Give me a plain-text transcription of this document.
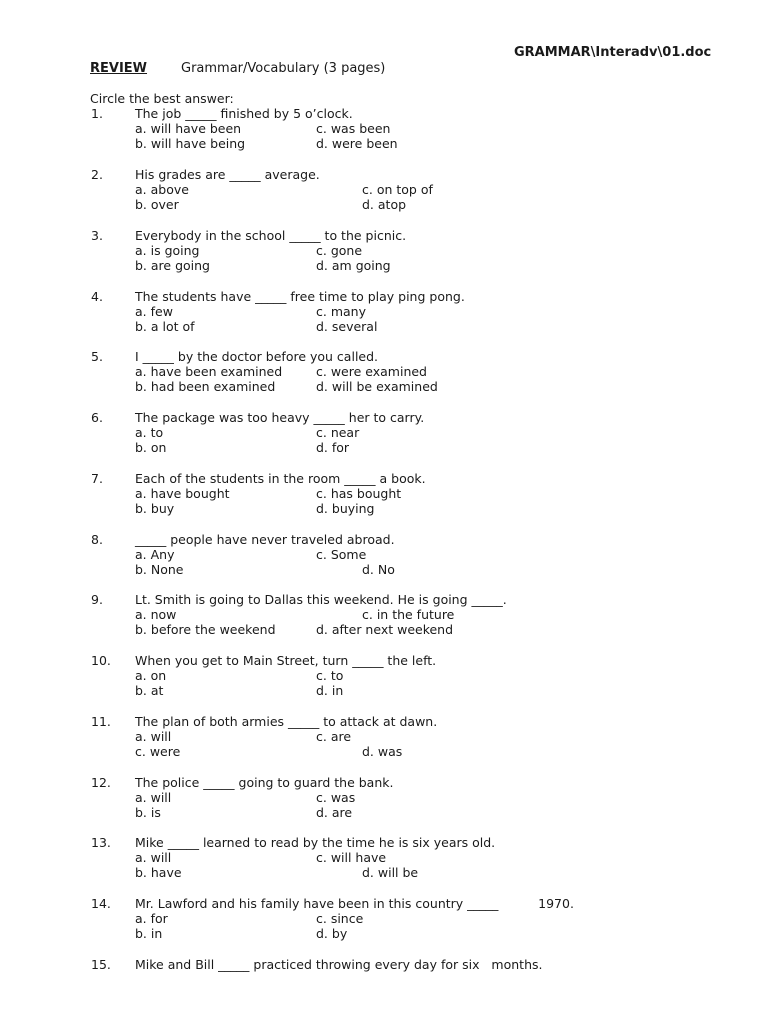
GRAMMAR\Interadv\01.doc
REVIEW	Grammar/Vocabulary (3 pages)
Circle the best answer:
1.	The job _____ finished by 5 o’clock.
a. will have been
b. will have being
c. was been
d. were been
2.	His grades are _____ average.
a. above
b. over
c. on top of
d. atop
3.	Everybody in the school _____ to the picnic.
a. is going
b. are going
c. gone
d. am going
4.	The students have _____ free time to play ping pong.
a. few
b. a lot of
c. many
d. several
5.	I _____ by the doctor before you called.
a. have been examined
b. had been examined
c. were examined
d. will be examined
6.	The package was too heavy _____ her to carry.
a. to
b. on
c. near
d. for
7.	Each of the students in the room _____ a book.
a. have bought
b. buy
c. has bought
d. buying
8.	_____ people have never traveled abroad.
a. Any
b. None
c. Some
d. No
9.	Lt. Smith is going to Dallas this weekend. He is going _____.
a. now
b. before the weekend
c. in the future
d. after next weekend
10.	When you get to Main Street, turn _____ the left.
a. on
b. at
c. to
d. in
11.	The plan of both armies _____ to attack at dawn.
a. will
c. were
c. are
d. was
12.	The police _____ going to guard the bank.
a. will
b. is
c. was
d. are
13.	Mike _____ learned to read by the time he is six years old.
a. will
b. have
c. will have
d. will be
14.	Mr. Lawford and his family have been in this country _____          1970.
a. for
b. in
c. since
d. by
15.	Mike and Bill _____ practiced throwing every day for six   months.
